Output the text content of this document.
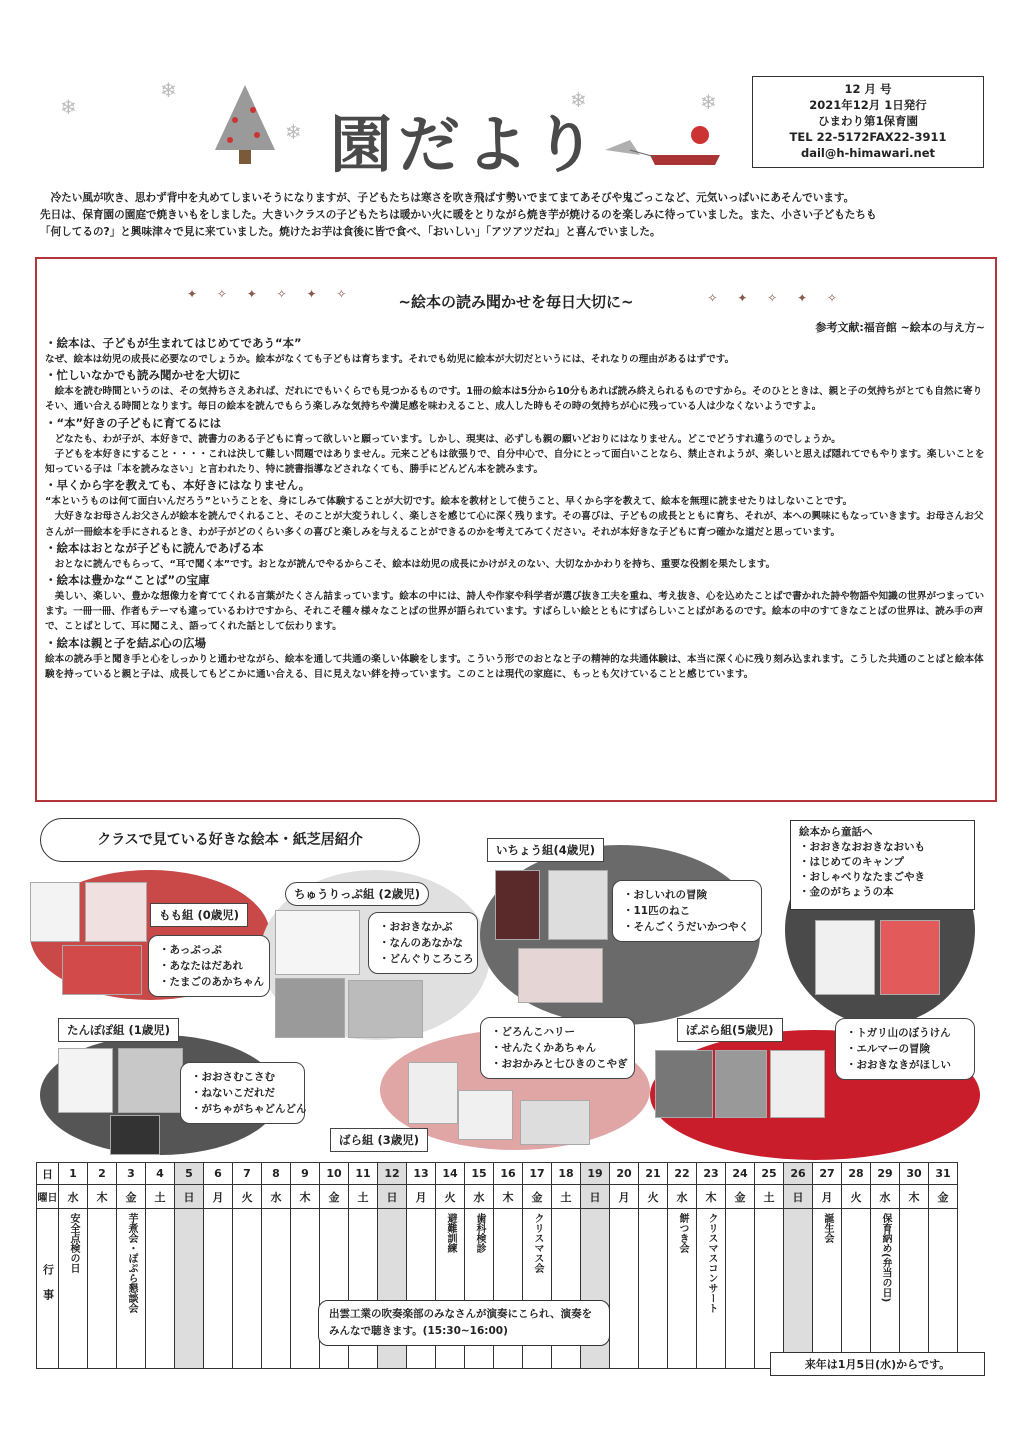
❄
❄
❄
❄	❄
園だより
12 月 号
2021年12月 1日発行
ひまわり第1保育園
TEL 22-5172FAX22-3911
dail@h-himawari.net

冷たい風が吹き、思わず背中を丸めてしまいそうになりますが、子どもたちは寒さを吹き飛ばす勢いでまてまてあそびや鬼ごっこなど、元気いっぱいにあそんでいます。

先日は、保育園の園庭で焼きいもをしました。大きいクラスの子どもたちは暖かい火に暖をとりながら焼き芋が焼けるのを楽しみに待っていました。また、小さい子どもたちも

「何してるの?」と興味津々で見に来ていました。焼けたお芋は食後に皆で食べ、「おいしい」「アツアツだね」と喜んでいました。

✦ ✧ ✦ ✧ ✦ ✧	✧ ✦ ✧ ✦ ✧
~絵本の読み聞かせを毎日大切に~
参考文献:福音館 ~絵本の与え方~
・絵本は、子どもが生まれてはじめてであう“本”
なぜ、絵本は幼児の成長に必要なのでしょうか。絵本がなくても子どもは育ちます。それでも幼児に絵本が大切だというには、それなりの理由があるはずです。
・忙しいなかでも読み聞かせを大切に
絵本を読む時間というのは、その気持ちさえあれば、だれにでもいくらでも見つかるものです。1冊の絵本は5分から10分もあれば読み終えられるものですから。そのひとときは、親と子の気持ちがとても自然に寄りそい、通い合える時間となります。毎日の絵本を読んでもらう楽しみな気持ちや満足感を味わえること、成人した時もその時の気持ちが心に残っている人は少なくないようですよ。
・“本”好きの子どもに育てるには
どなたも、わが子が、本好きで、読書力のある子どもに育って欲しいと願っています。しかし、現実は、必ずしも親の願いどおりにはなりません。どこでどうすれ違うのでしょうか。
子どもを本好きにすること・・・・これは決して難しい問題ではありません。元来こどもは欲張りで、自分中心で、自分にとって面白いことなら、禁止されようが、楽しいと思えば隠れてでもやります。楽しいことを知っている子は「本を読みなさい」と言われたり、特に読書指導などされなくても、勝手にどんどん本を読みます。
・早くから字を教えても、本好きにはなりません。
“本というものは何て面白いんだろう”ということを、身にしみて体験することが大切です。絵本を教材として使うこと、早くから字を教えて、絵本を無理に読ませたりはしないことです。
大好きなお母さんお父さんが絵本を読んでくれること、そのことが大変うれしく、楽しさを感じて心に深く残ります。その喜びは、子どもの成長とともに育ち、それが、本への興味にもなっていきます。お母さんお父さんが一冊絵本を手にされるとき、わが子がどのくらい多くの喜びと楽しみを与えることができるのかを考えてみてください。それが本好きな子どもに育つ確かな道だと思っています。
・絵本はおとなが子どもに読んであげる本
おとなに読んでもらって、“耳で聞く本”です。おとなが読んでやるからこそ、絵本は幼児の成長にかけがえのない、大切なかかわりを持ち、重要な役割を果たします。
・絵本は豊かな“ことば”の宝庫
美しい、楽しい、豊かな想像力を育ててくれる言葉がたくさん詰まっています。絵本の中には、詩人や作家や科学者が選び抜き工夫を重ね、考え抜き、心を込めたことばで書かれた詩や物語や知識の世界がつまっています。一冊一冊、作者もテーマも違っているわけですから、それこそ種々様々なことばの世界が語られています。すばらしい絵とともにすばらしいことばがあるのです。絵本の中のすてきなことばの世界は、読み手の声で、ことばとして、耳に聞こえ、語ってくれた話として伝わります。
・絵本は親と子を結ぶ心の広場
絵本の読み手と聞き手と心をしっかりと通わせながら、絵本を通して共通の楽しい体験をします。こういう形でのおとなと子の精神的な共通体験は、本当に深く心に残り刻み込まれます。こうした共通のことばと絵本体験を持っていると親と子は、成長してもどこかに通い合える、目に見えない絆を持っています。このことは現代の家庭に、もっとも欠けていることと感じています。
クラスで見ている好きな絵本・紙芝居紹介
もも組 (0歳児)
・あっぷっぷ
・あなたはだあれ
・たまごのあかちゃん
ちゅうりっぷ組 (2歳児)
・おおきなかぶ
・なんのあなかな
・どんぐりころころ
いちょう組(4歳児)
・おしいれの冒険
・11匹のねこ
・そんごくうだいかつやく
絵本から童話へ
・おおきなおおきなおいも
・はじめてのキャンプ
・おしゃべりなたまごやき
・金のがちょうの本
たんぽぽ組 (1歳児)
・おおさむこさむ
・ねないこだれだ
・がちゃがちゃどんどん
・どろんこハリー
・せんたくかあちゃん
・おおかみと七ひきのこやぎ
ばら組 (3歳児)
ぽぷら組(5歳児)	・トガリ山のぼうけん
・エルマーの冒険
・おおきなきがほしい
日	1	2	3	4	5	6	7	8	9	10	11	12	13	14	15	16	17	18	19	20	21	22	23	24	25	26	27	28	29	30	31
曜日	水	木	金	土	日	月	火	水	木	金	土	日	月	火	水	木	金	土	日	月	火	水	木	金	土	日	月	火	水	木	金
行事	安全点検の日		芋煮会・ぽぷら懇談会											避難訓練	歯科検診		クリスマス会					餅つき会	クリスマスコンサート				誕生会		保育納め(弁当の日)		
出雲工業の吹奏楽部のみなさんが演奏にこられ、演奏をみんなで聴きます。(15:30~16:00)
来年は1月5日(水)からです。
